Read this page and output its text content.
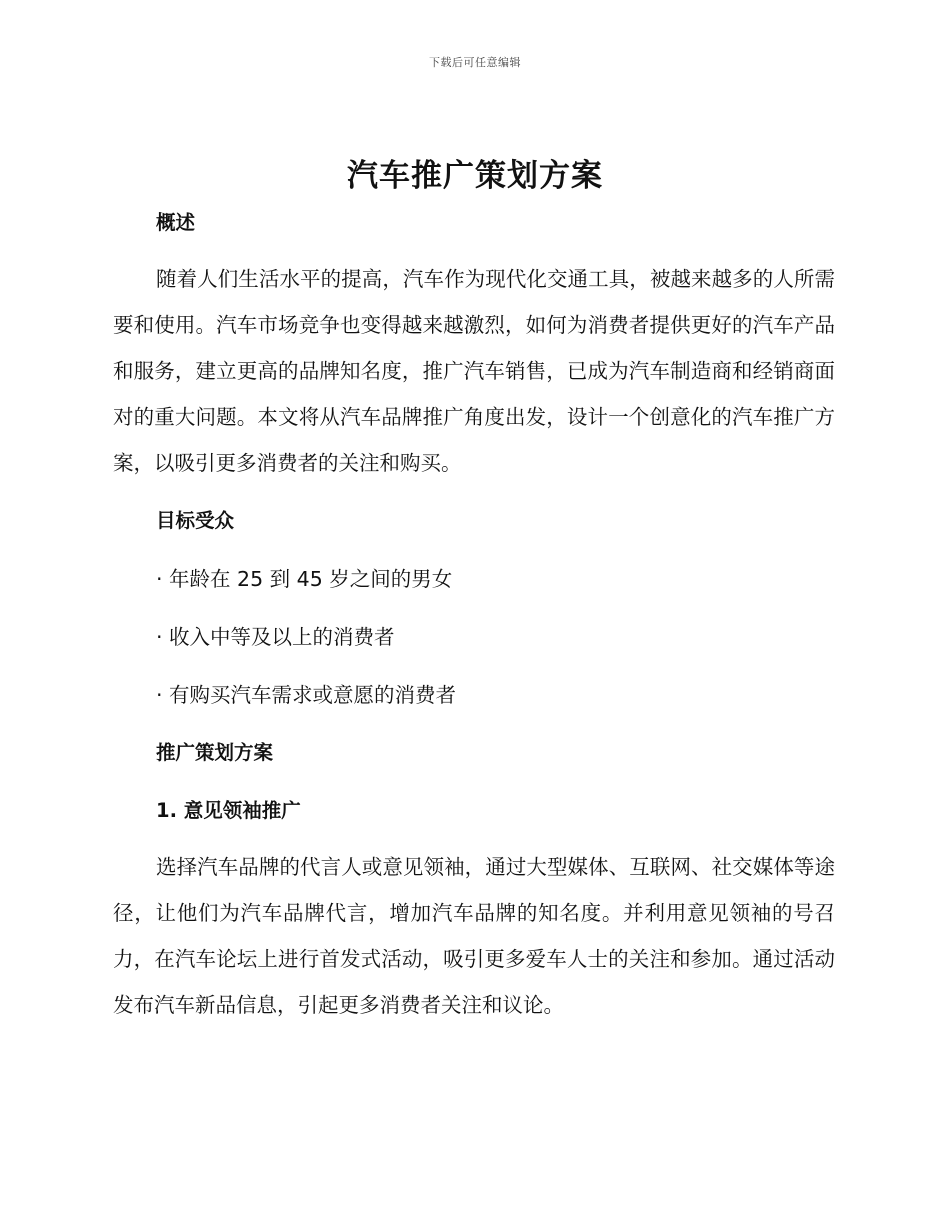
下载后可任意编辑
汽车推广策划方案

概述

随着人们生活水平的提高，汽车作为现代化交通工具，被越来越多的人所需要和使用。汽车市场竞争也变得越来越激烈，如何为消费者提供更好的汽车产品和服务，建立更高的品牌知名度，推广汽车销售，已成为汽车制造商和经销商面对的重大问题。本文将从汽车品牌推广角度出发，设计一个创意化的汽车推广方案，以吸引更多消费者的关注和购买。

目标受众

· 年龄在 25 到 45 岁之间的男女

· 收入中等及以上的消费者

· 有购买汽车需求或意愿的消费者

推广策划方案

1. 意见领袖推广

选择汽车品牌的代言人或意见领袖，通过大型媒体、互联网、社交媒体等途径，让他们为汽车品牌代言，增加汽车品牌的知名度。并利用意见领袖的号召力，在汽车论坛上进行首发式活动，吸引更多爱车人士的关注和参加。通过活动发布汽车新品信息，引起更多消费者关注和议论。
